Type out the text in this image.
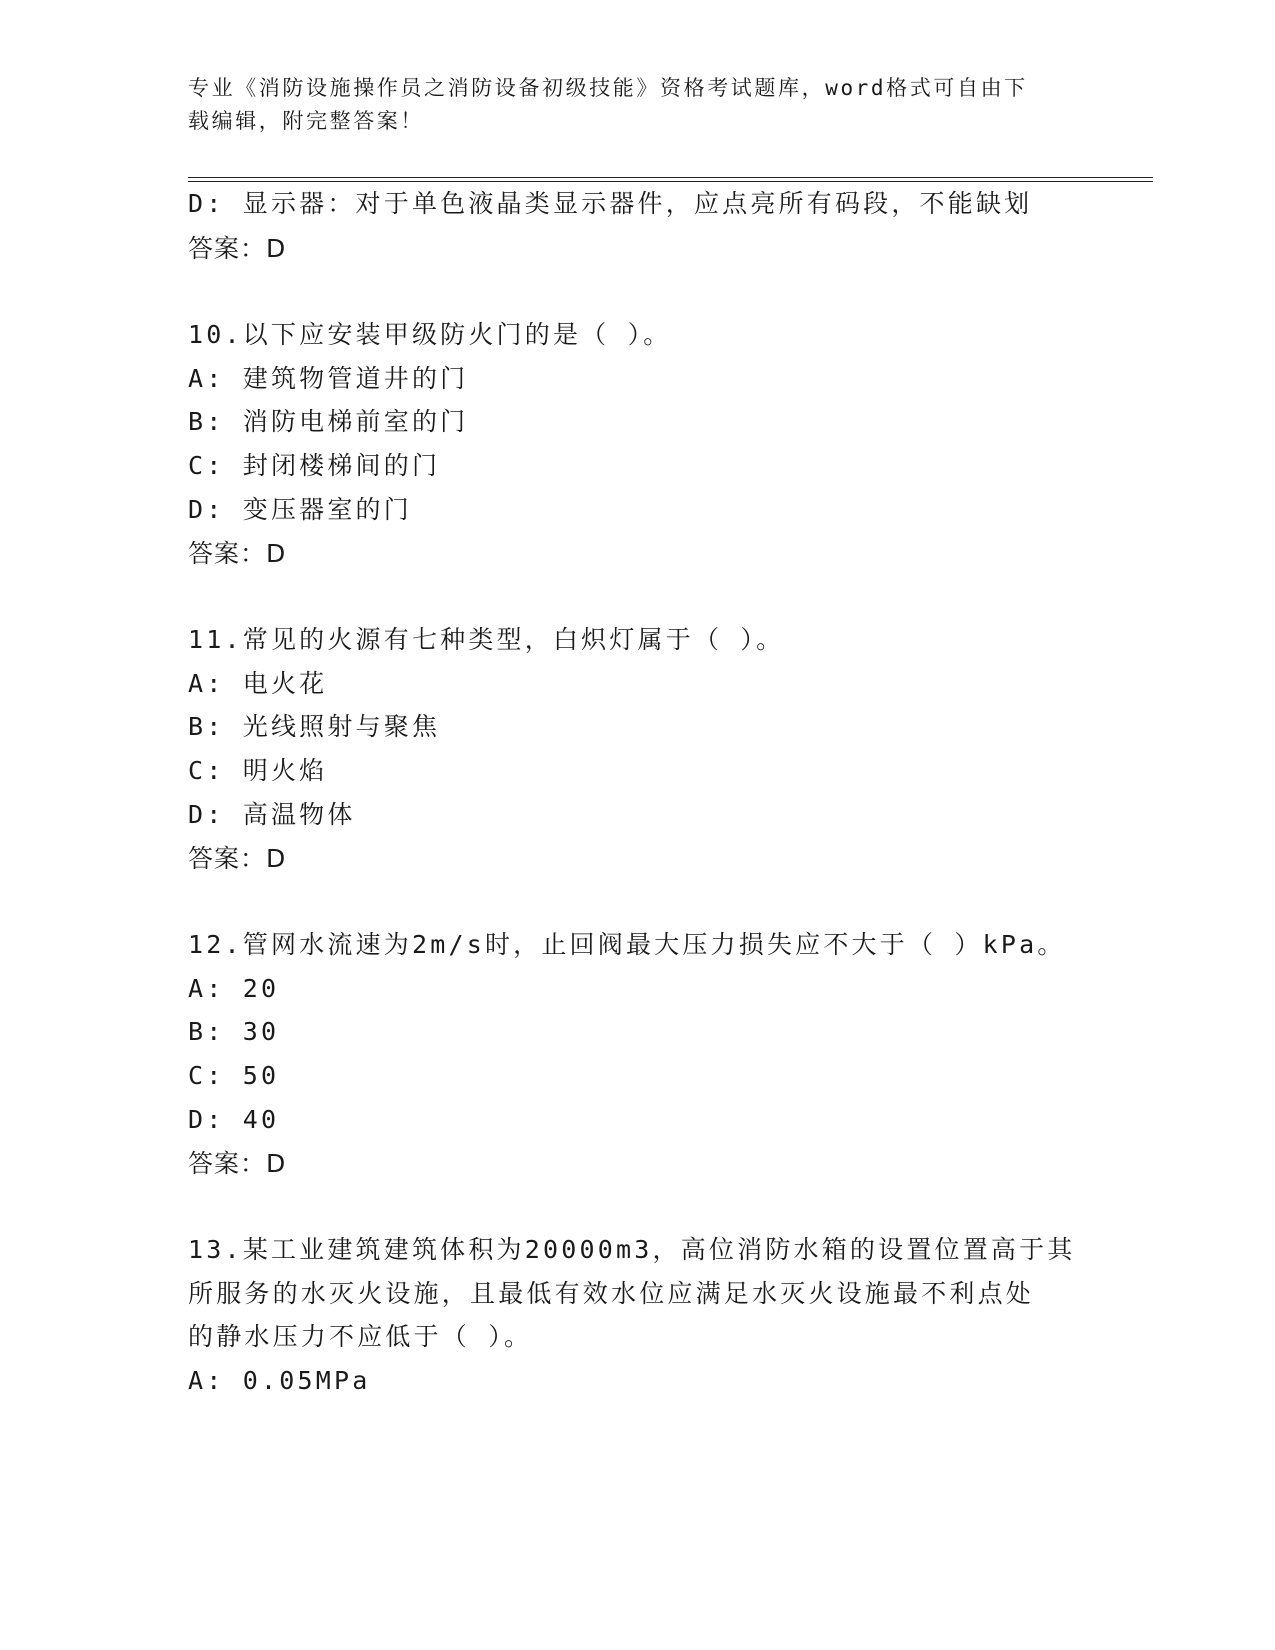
专业《消防设施操作员之消防设备初级技能》资格考试题库，word格式可自由下
载编辑，附完整答案！
D: 显示器：对于单色液晶类显示器件，应点亮所有码段，不能缺划
答案：D
10.以下应安装甲级防火门的是（ ）。
A: 建筑物管道井的门
B: 消防电梯前室的门
C: 封闭楼梯间的门
D: 变压器室的门
答案：D
11.常见的火源有七种类型，白炽灯属于（ ）。
A: 电火花
B: 光线照射与聚焦
C: 明火焰
D: 高温物体
答案：D
12.管网水流速为2m/s时，止回阀最大压力损失应不大于（ ）kPa。
A: 20
B: 30
C: 50
D: 40
答案：D
13.某工业建筑建筑体积为20000m3，高位消防水箱的设置位置高于其
所服务的水灭火设施，且最低有效水位应满足水灭火设施最不利点处
的静水压力不应低于（ ）。
A: 0.05MPa
